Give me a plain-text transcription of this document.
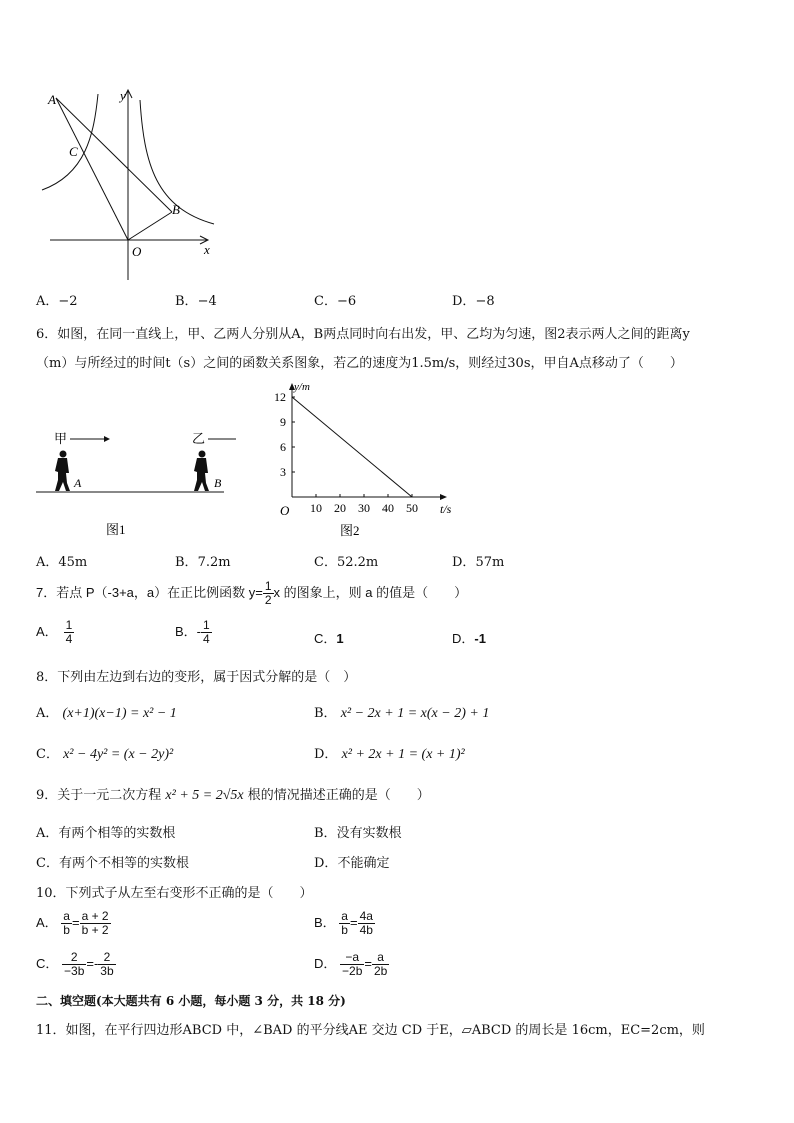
A
C
B
O	x
y
A．−2	B．−4	C．−6	D．−8
6．如图，在同一直线上，甲、乙两人分别从A，B两点同时向右出发，甲、乙均为匀速，图2表示两人之间的距离y
（m）与所经过的时间t（s）之间的函数关系图象，若乙的速度为1.5m/s，则经过30s，甲自A点移动了（　　）
甲	乙
A	B
图1
y/m
t/s
O 10 20 30 40 50
12
9
6
3
图2
A．45m	B．7.2m	C．52.2m	D．57m
7．若点 P（-3+a，a）在正比例函数 $y= \frac{1}{2}$ x 的图象上，则 a 的值是（　　）
A． $\frac{1}{4}$	B．- $\frac{1}{4}$	C．1	D．-1
8．下列由左边到右边的变形，属于因式分解的是（　）
A． (x+1)(x−1) = x² − 1	B． x² − 2x + 1 = x(x − 2) + 1
C． x² − 4y² = (x − 2y)²	D． x² + 2x + 1 = (x + 1)²
9．关于一元二次方程 x² + 5 = 2√5x 根的情况描述正确的是（　　）
A．有两个相等的实数根	B．没有实数根
C．有两个不相等的实数根	D．不能确定
10．下列式子从左至右变形不正确的是（　　）
A． $\frac{a}{b} = \frac{a + 2}{b + 2}$	B． $\frac{a}{b} = \frac{4a}{4b}$
C． $\frac{2}{-3b} =- \frac{2}{3b}$	D． $\frac{-a}{-2b} = \frac{a}{2b}$
二、填空题(本大题共有 6 小题，每小题 3 分，共 18 分)
11．如图，在平行四边形ABCD 中，∠BAD 的平分线AE 交边 CD 于E，▱ABCD 的周长是 16cm，EC=2cm，则
